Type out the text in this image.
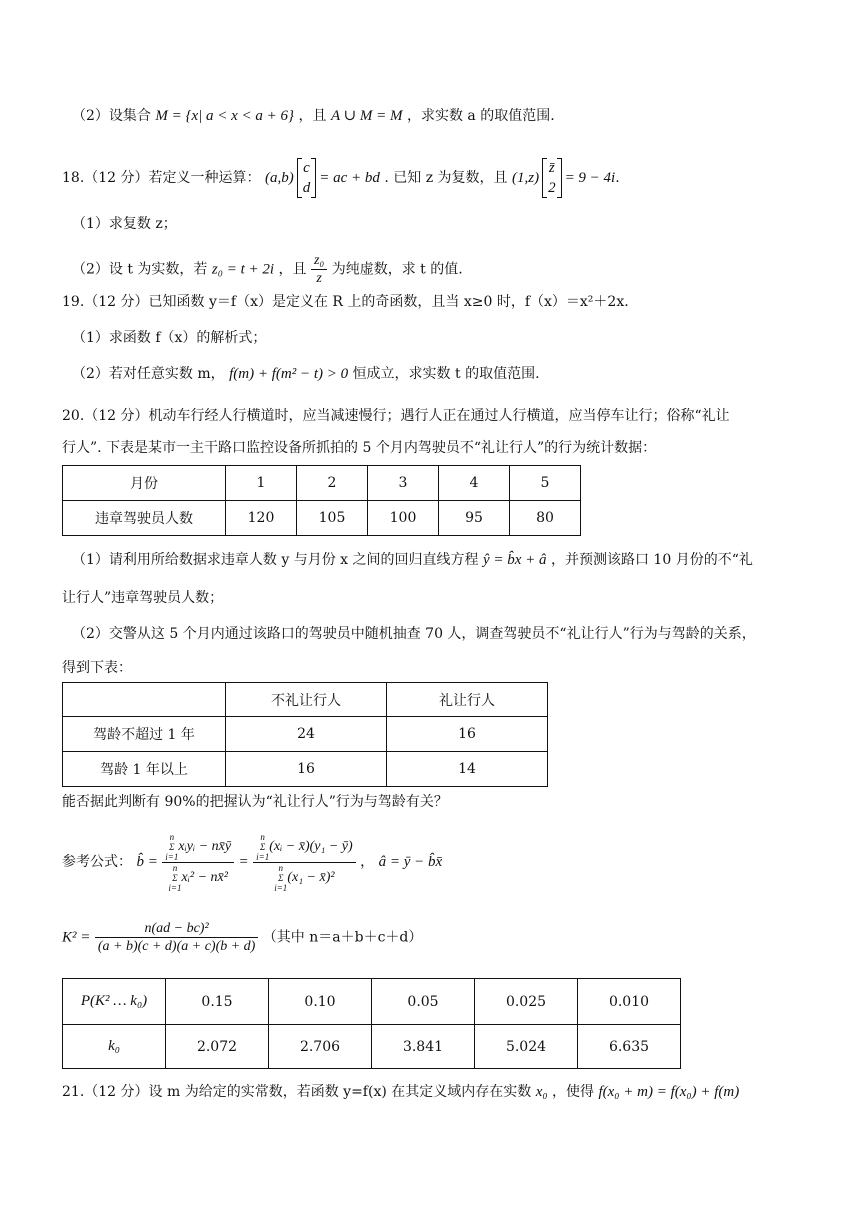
（2）设集合 M = {x| a < x < a + 6} ，且 A ∪ M = M ，求实数 a 的取值范围.
18.（12 分）若定义一种运算： (a,b)c
d= ac + bd . 已知 z 为复数，且 (1,z)z̄
2= 9 − 4i.
（1）求复数 z；
（2）设 t 为实数，若 z₀ = t + 2i ，且 $\frac{\text{z₀}}{z}$ 为纯虚数，求 t 的值.
19.（12 分）已知函数 y＝f（x）是定义在 R 上的奇函数，且当 x≥0 时，f（x）＝x²＋2x.
（1）求函数 f（x）的解析式；
（2）若对任意实数 m， f(m) + f(m² − t) > 0 恒成立，求实数 t 的取值范围.
20.（12 分）机动车行经人行横道时，应当减速慢行；遇行人正在通过人行横道，应当停车让行；俗称“礼让
行人”. 下表是某市一主干路口监控设备所抓拍的 5 个月内驾驶员不“礼让行人”的行为统计数据：
月份	1	2	3	4	5
违章驾驶员人数	120	105	100	95	80
（1）请利用所给数据求违章人数 y 与月份 x 之间的回归直线方程 ŷ = b̂x + â ，并预测该路口 10 月份的不“礼
让行人”违章驾驶员人数；
（2）交警从这 5 个月内通过该路口的驾驶员中随机抽查 70 人，调查驾驶员不“礼让行人”行为与驾龄的关系，
得到下表：
	不礼让行人	礼让行人
驾龄不超过 1 年	24	16
驾龄 1 年以上	16	14
能否据此判断有 90%的把握认为“礼让行人”行为与驾龄有关？
参考公式： b̂ =
n
Σ
i=1xᵢyᵢ − nx̄ȳ
n
Σ
i=1xᵢ² − nx̄²
=
n
Σ
i=1(xᵢ − x̄)(y₁ − ȳ)
n
Σ
i=1(x₁ − x̄)²
， â = ȳ − b̂x̄
$K^2 = \frac{\text{n(ad − bc)²}}{(a + b)(c + d)(a + c)(b + d)}$ （其中 n＝a＋b＋c＋d）
P(K² … k₀)	0.15	0.10	0.05	0.025	0.010
k₀	2.072	2.706	3.841	5.024	6.635
21.（12 分）设 m 为给定的实常数，若函数 y=f(x) 在其定义域内存在实数 x₀ ，使得 f(x₀ + m) = f(x₀) + f(m)
